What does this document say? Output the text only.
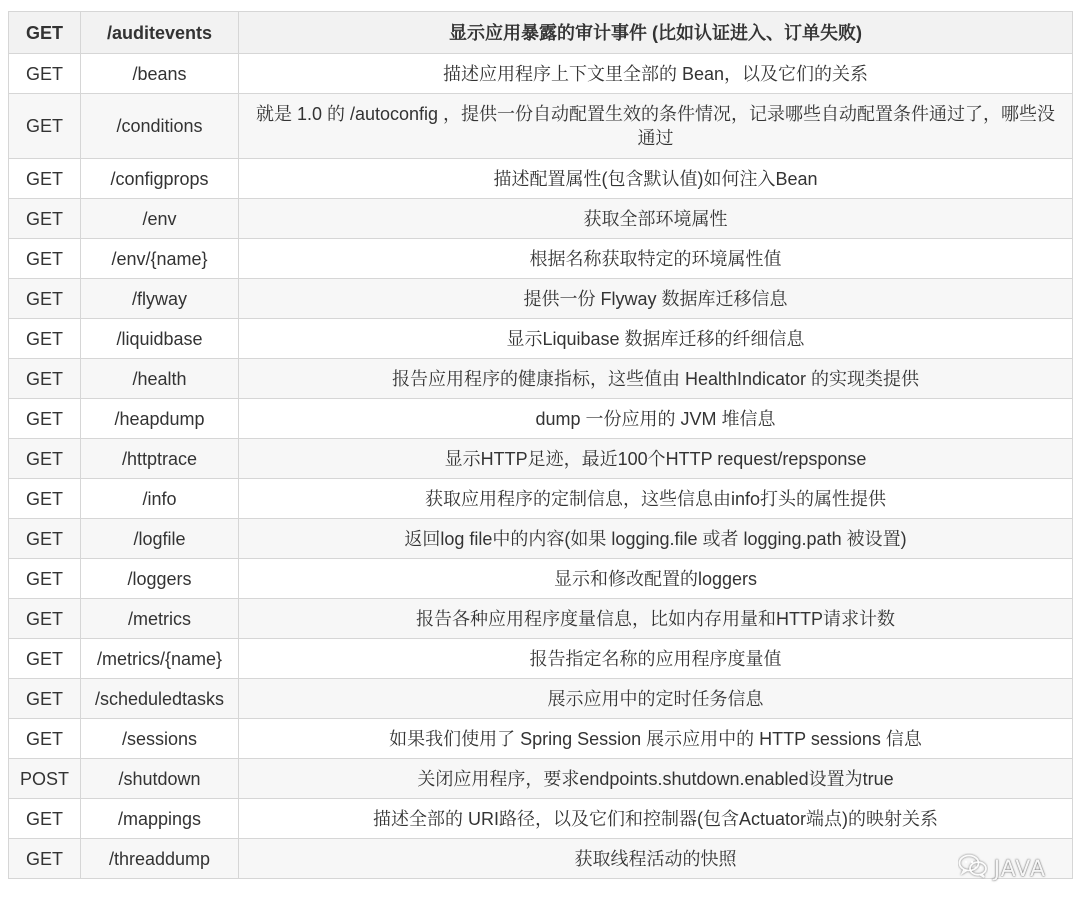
GET	/auditevents	显示应用暴露的审计事件 (比如认证进入、订单失败)
GET	/beans	描述应用程序上下文里全部的 Bean，以及它们的关系
GET	/conditions	就是 1.0 的 /autoconfig ，提供一份自动配置生效的条件情况，记录哪些自动配置条件通过了，哪些没通过
GET	/configprops	描述配置属性(包含默认值)如何注入Bean
GET	/env	获取全部环境属性
GET	/env/{name}	根据名称获取特定的环境属性值
GET	/flyway	提供一份 Flyway 数据库迁移信息
GET	/liquidbase	显示Liquibase 数据库迁移的纤细信息
GET	/health	报告应用程序的健康指标，这些值由 HealthIndicator 的实现类提供
GET	/heapdump	dump 一份应用的 JVM 堆信息
GET	/httptrace	显示HTTP足迹，最近100个HTTP request/repsponse
GET	/info	获取应用程序的定制信息，这些信息由info打头的属性提供
GET	/logfile	返回log file中的内容(如果 logging.file 或者 logging.path 被设置)
GET	/loggers	显示和修改配置的loggers
GET	/metrics	报告各种应用程序度量信息，比如内存用量和HTTP请求计数
GET	/metrics/{name}	报告指定名称的应用程序度量值
GET	/scheduledtasks	展示应用中的定时任务信息
GET	/sessions	如果我们使用了 Spring Session 展示应用中的 HTTP sessions 信息
POST	/shutdown	关闭应用程序，要求endpoints.shutdown.enabled设置为true
GET	/mappings	描述全部的 URI路径，以及它们和控制器(包含Actuator端点)的映射关系
GET	/threaddump	获取线程活动的快照	JAVA
